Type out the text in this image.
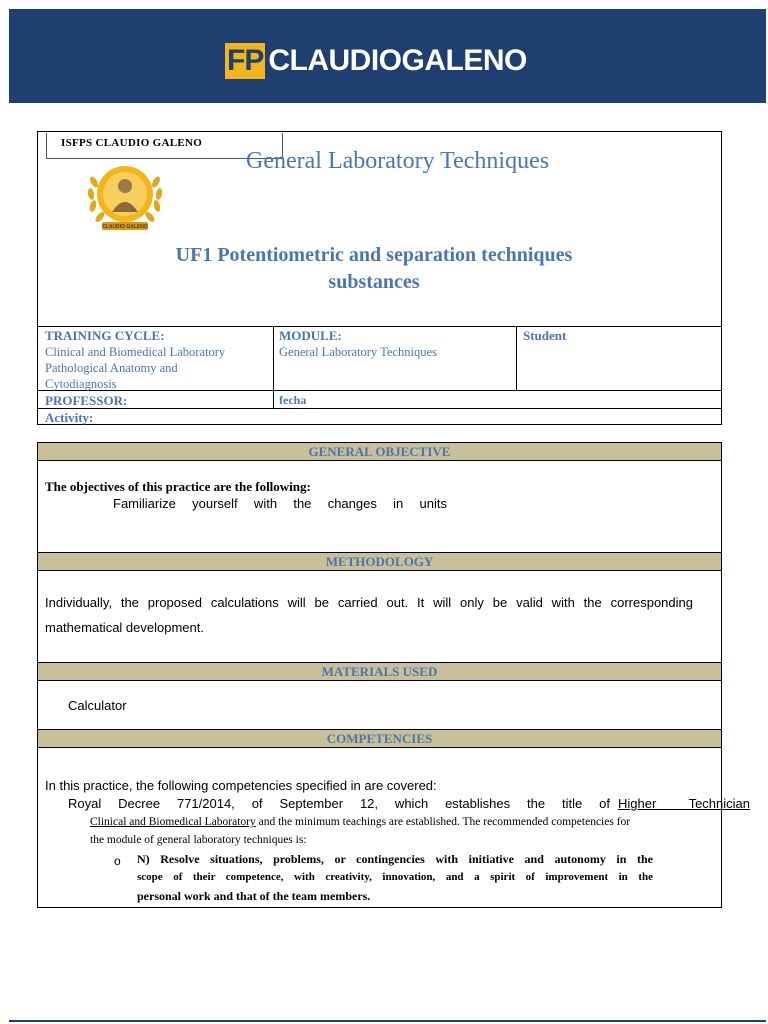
FP CLAUDIOGALENO
ISFPS CLAUDIO GALENO
General Laboratory Techniques
CLAUDIO GALENO
UF1 Potentiometric and separation techniques
substances
TRAINING CYCLE:
Clinical and Biomedical Laboratory
Pathological Anatomy and
Cytodiagnosis
MODULE:
General Laboratory Techniques
Student
PROFESSOR:	fecha
Activity:
GENERAL OBJECTIVE
The objectives of this practice are the following:
Familiarize yourself with the changes in units
METHODOLOGY
Individually, the proposed calculations will be carried out. It will only be valid with the corresponding
mathematical development.
MATERIALS USED
Calculator
COMPETENCIES
In this practice, the following competencies specified in are covered:
Royal Decree 771/2014, of September 12, which establishes the title of Higher Technician
Clinical and Biomedical Laboratory and the minimum teachings are established. The recommended competencies for
the module of general laboratory techniques is:
o N) Resolve situations, problems, or contingencies with initiative and autonomy in the
scope of their competence, with creativity, innovation, and a spirit of improvement in the
personal work and that of the team members.
